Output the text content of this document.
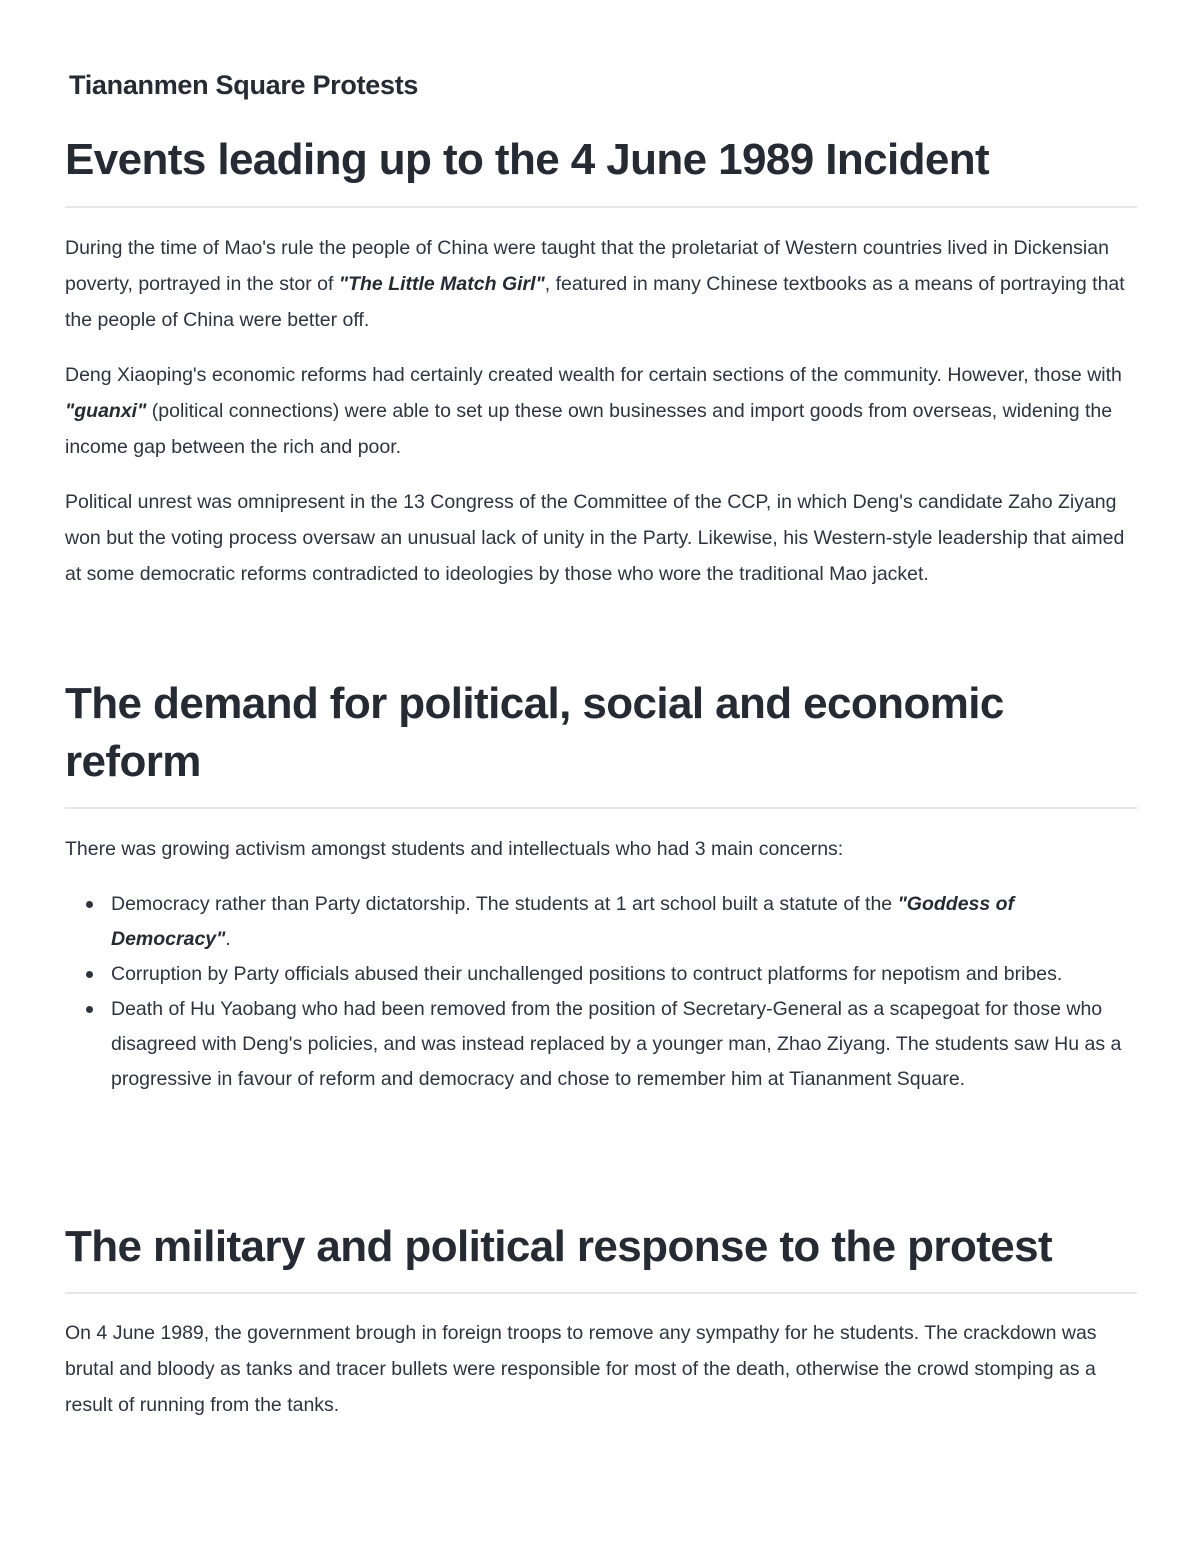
Tiananmen Square Protests
Events leading up to the 4 June 1989 Incident

During the time of Mao's rule the people of China were taught that the proletariat of Western countries lived in Dickensian poverty, portrayed in the stor of "The Little Match Girl", featured in many Chinese textbooks as a means of portraying that the people of China were better off.

Deng Xiaoping's economic reforms had certainly created wealth for certain sections of the community. However, those with "guanxi" (political connections) were able to set up these own businesses and import goods from overseas, widening the income gap between the rich and poor.

Political unrest was omnipresent in the 13 Congress of the Committee of the CCP, in which Deng's candidate Zaho Ziyang won but the voting process oversaw an unusual lack of unity in the Party. Likewise, his Western-style leadership that aimed at some democratic reforms contradicted to ideologies by those who wore the traditional Mao jacket.

The demand for political, social and economic reform

There was growing activism amongst students and intellectuals who had 3 main concerns:

Democracy rather than Party dictatorship. The students at 1 art school built a statute of the "Goddess of Democracy".
Corruption by Party officials abused their unchallenged positions to contruct platforms for nepotism and bribes.
Death of Hu Yaobang who had been removed from the position of Secretary-General as a scapegoat for those who disagreed with Deng's policies, and was instead replaced by a younger man, Zhao Ziyang. The students saw Hu as a progressive in favour of reform and democracy and chose to remember him at Tiananment Square.
The military and political response to the protest

On 4 June 1989, the government brough in foreign troops to remove any sympathy for he students. The crackdown was brutal and bloody as tanks and tracer bullets were responsible for most of the death, otherwise the crowd stomping as a result of running from the tanks.
